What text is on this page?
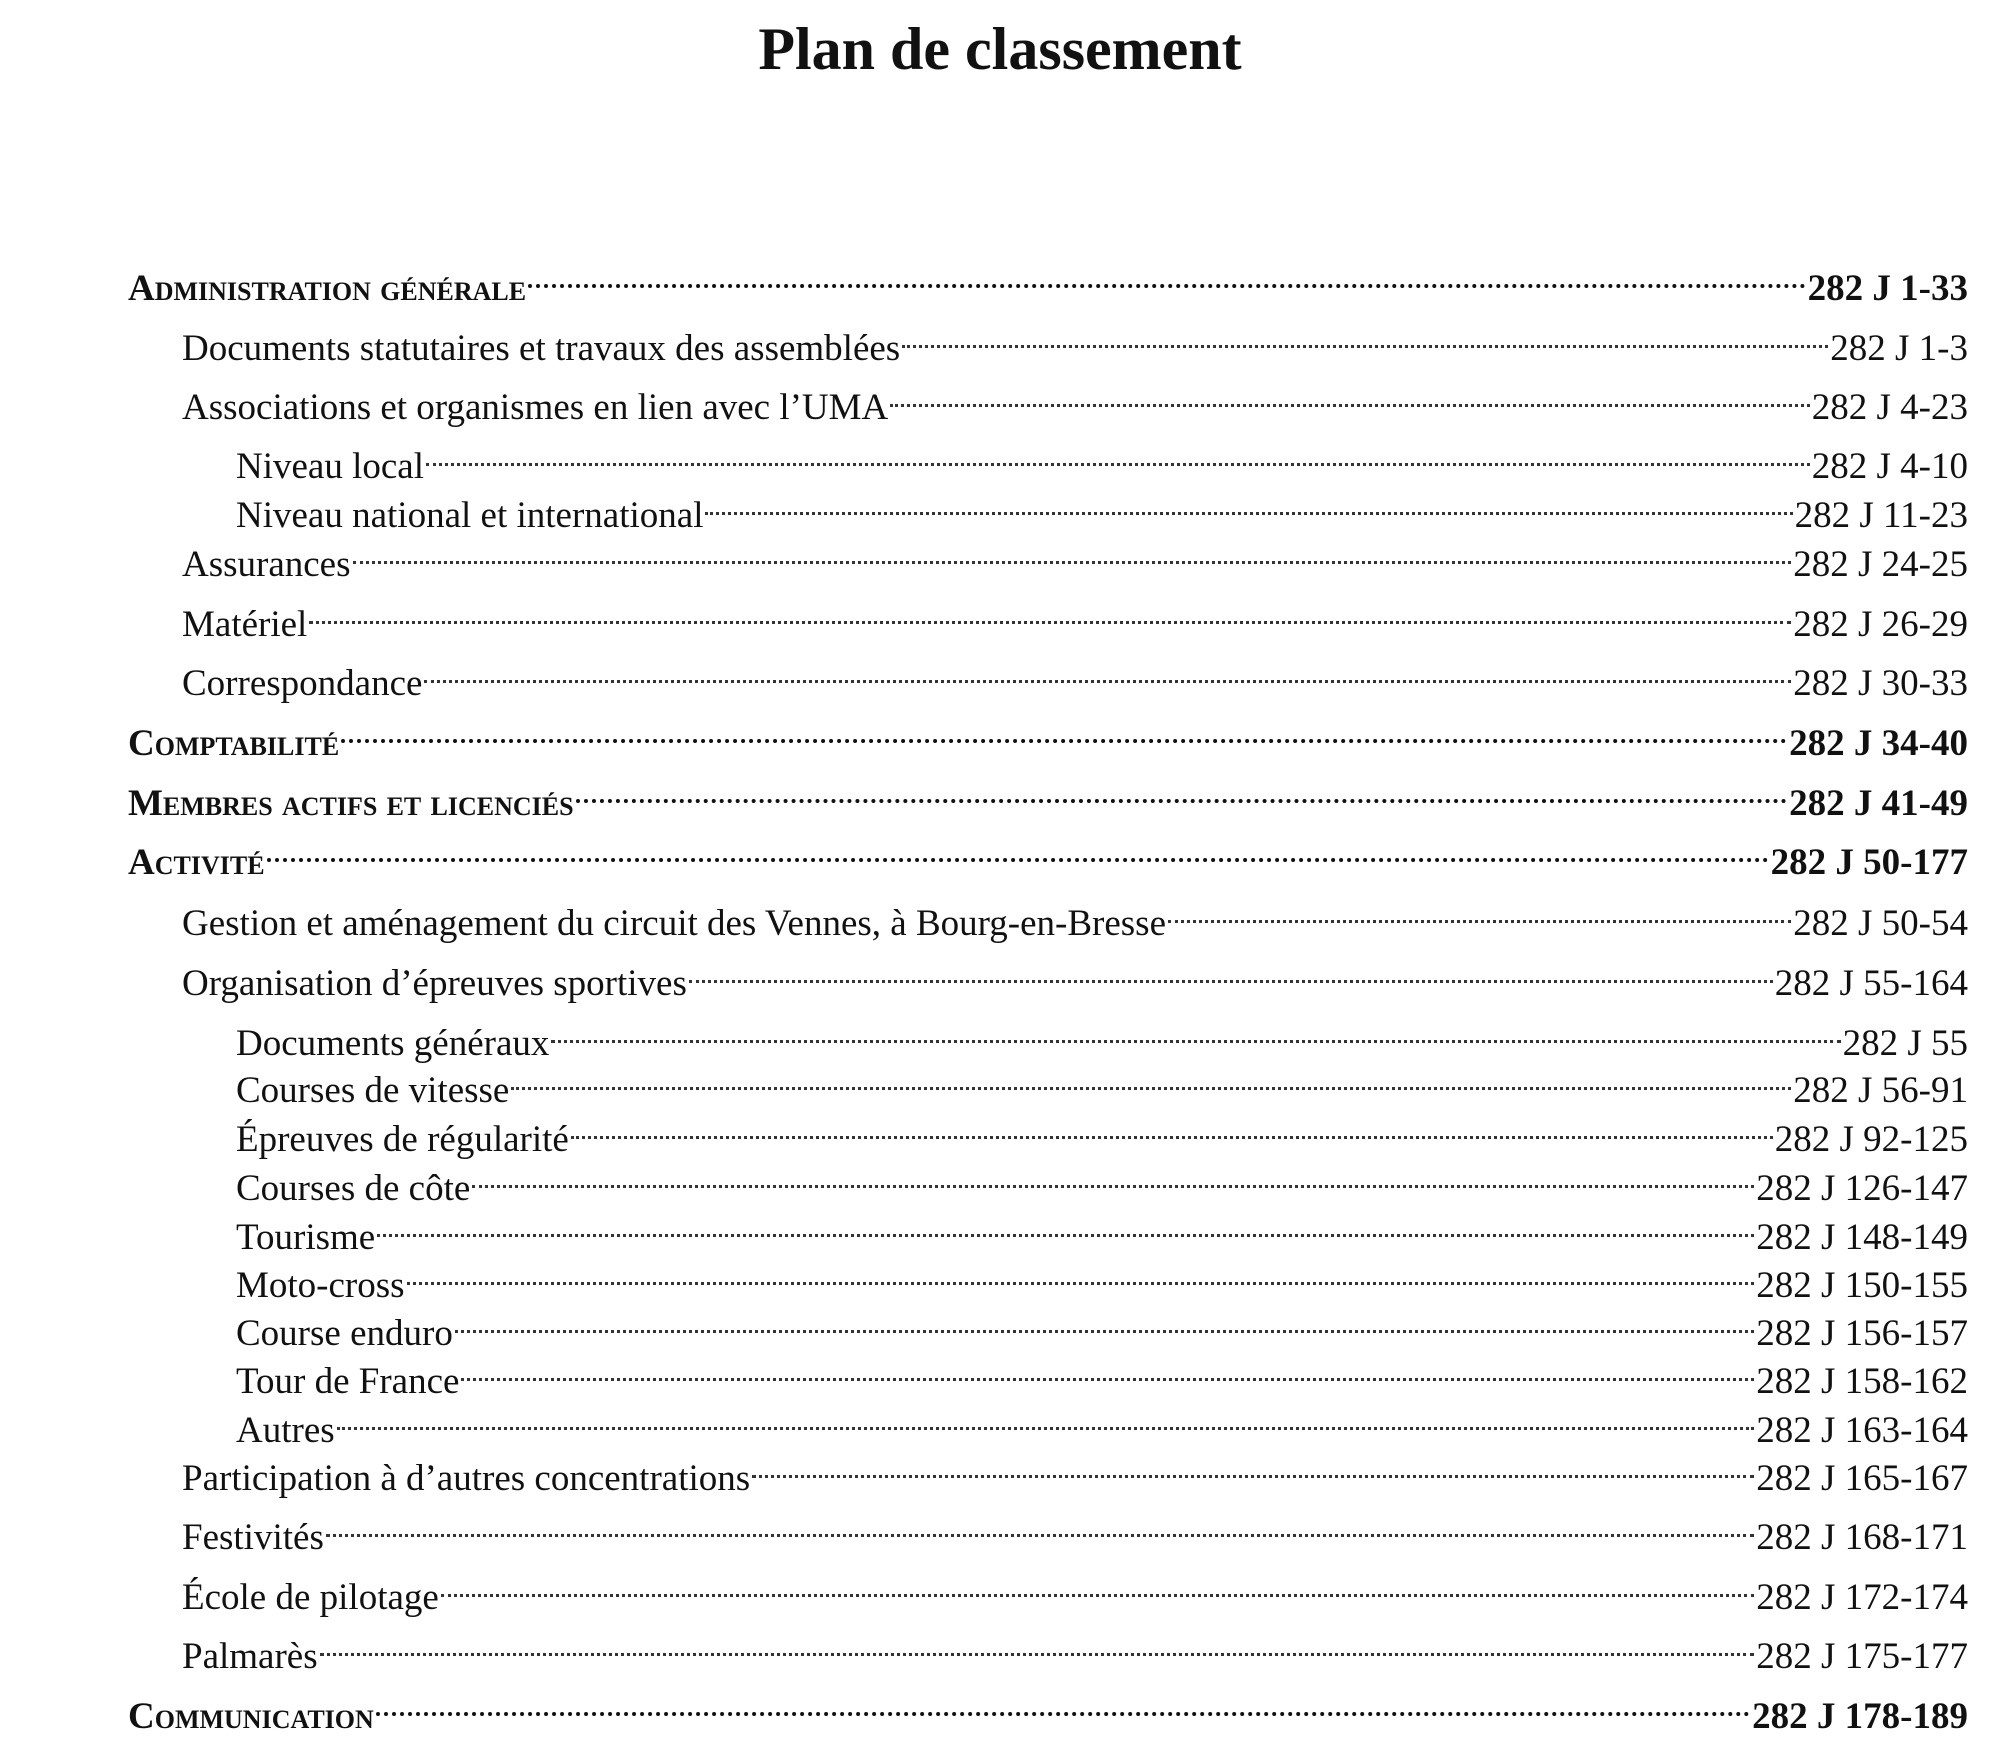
Plan de classement
Administration générale	282 J 1-33
Documents statutaires et travaux des assemblées	282 J 1-3
Associations et organismes en lien avec l’UMA	282 J 4-23
Niveau local	282 J 4-10
Niveau national et international	282 J 11-23
Assurances	282 J 24-25
Matériel	282 J 26-29
Correspondance	282 J 30-33
Comptabilité	282 J 34-40
Membres actifs et licenciés	282 J 41-49
Activité	282 J 50-177
Gestion et aménagement du circuit des Vennes, à Bourg-en-Bresse	282 J 50-54
Organisation d’épreuves sportives	282 J 55-164
Documents généraux	282 J 55
Courses de vitesse	282 J 56-91
Épreuves de régularité	282 J 92-125
Courses de côte	282 J 126-147
Tourisme	282 J 148-149
Moto-cross	282 J 150-155
Course enduro	282 J 156-157
Tour de France	282 J 158-162
Autres	282 J 163-164
Participation à d’autres concentrations	282 J 165-167
Festivités	282 J 168-171
École de pilotage	282 J 172-174
Palmarès	282 J 175-177
Communication	282 J 178-189
